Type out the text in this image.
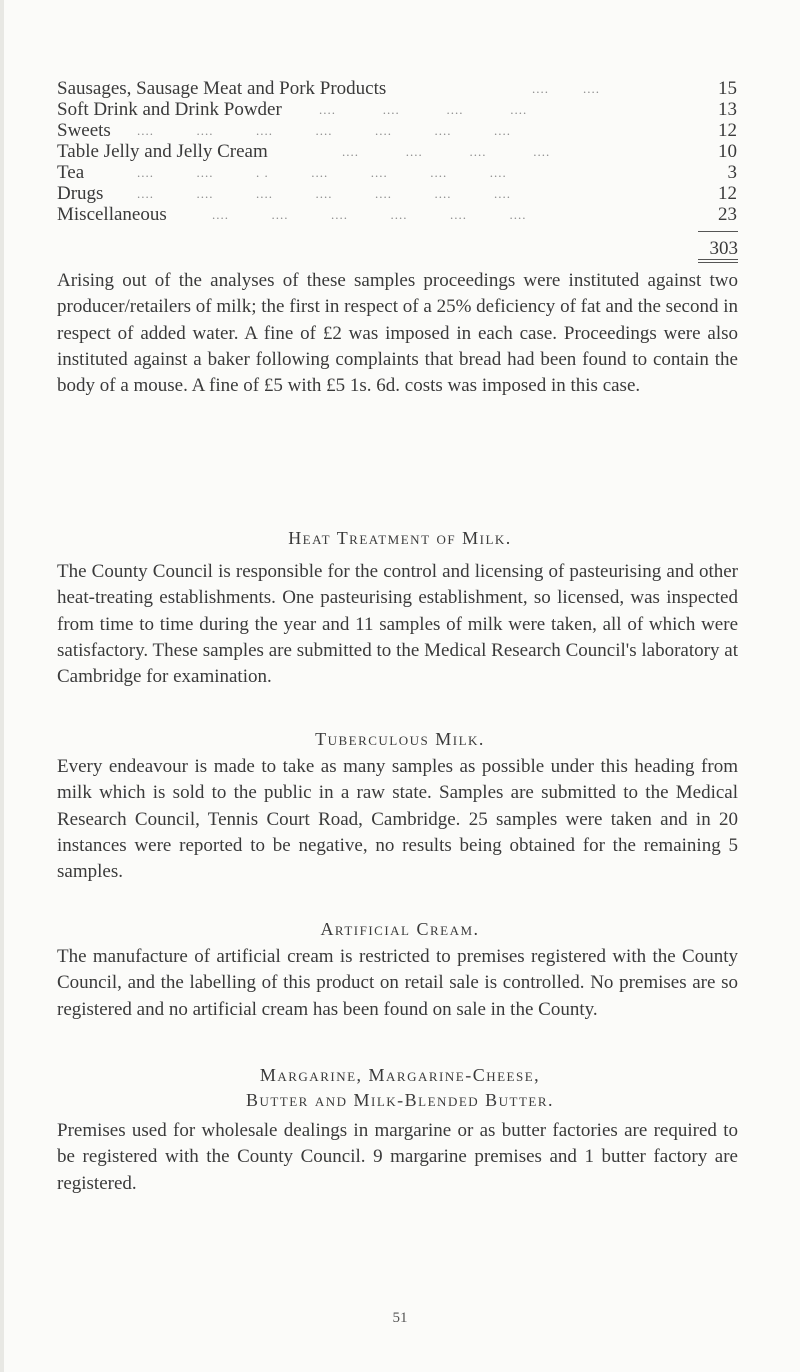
Sausages, Sausage Meat and Pork Products	....        ....	15
Soft Drink and Drink Powder	....           ....           ....           ....	13
Sweets ....          ....          ....          ....          ....          ....          ....	12
Table Jelly and Jelly Cream	....           ....           ....           ....	10
Tea	....          ....          . .          ....          ....          ....          ....	3
Drugs	....          ....          ....          ....          ....          ....          ....	12
Miscellaneous	....          ....          ....          ....          ....          ....	23
303

Arising out of the analyses of these samples proceedings were instituted against two producer/retailers of milk; the first in respect of a 25% deficiency of fat and the second in respect of added water. A fine of £2 was imposed in each case. Proceedings were also instituted against a baker following complaints that bread had been found to contain the body of a mouse. A fine of £5 with £5 1s. 6d. costs was imposed in this case.

Heat Treatment of Milk.

The County Council is responsible for the control and licensing of pasteurising and other heat-treating establishments. One pasteurising establishment, so licensed, was inspected from time to time during the year and 11 samples of milk were taken, all of which were satisfactory. These samples are submitted to the Medical Research Council's laboratory at Cambridge for examination.

Tuberculous Milk.

Every endeavour is made to take as many samples as possible under this heading from milk which is sold to the public in a raw state. Samples are submitted to the Medical Research Council, Tennis Court Road, Cambridge. 25 samples were taken and in 20 instances were reported to be negative, no results being obtained for the remaining 5 samples.

Artificial Cream.

The manufacture of artificial cream is restricted to premises registered with the County Council, and the labelling of this product on retail sale is controlled. No premises are so registered and no artificial cream has been found on sale in the County.

Margarine, Margarine-Cheese,
Butter and Milk-Blended Butter.

Premises used for wholesale dealings in margarine or as butter factories are required to be registered with the County Council. 9 margarine premises and 1 butter factory are registered.

51
